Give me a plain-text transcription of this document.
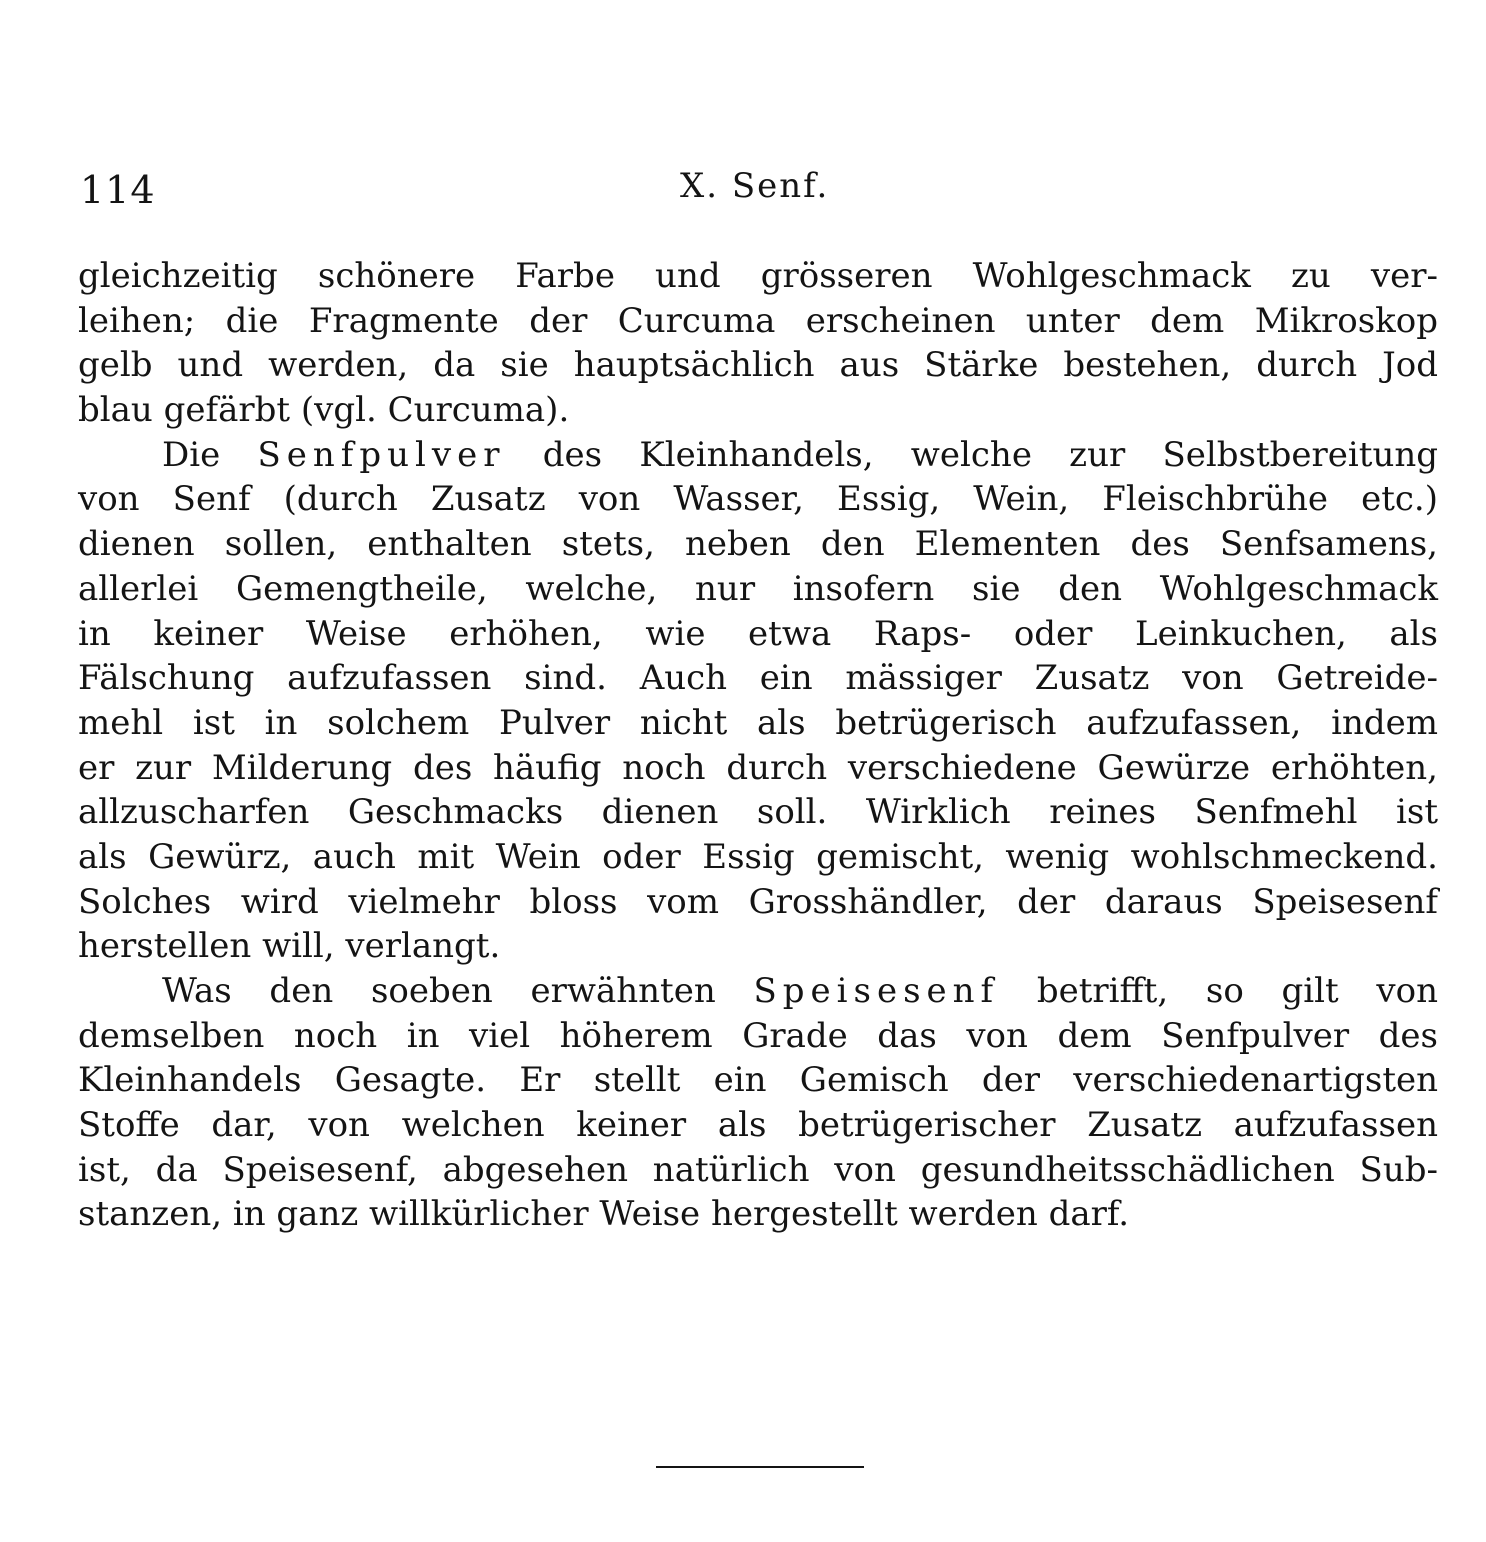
114	X. Senf.
gleichzeitig schönere Farbe und grösseren Wohlgeschmack zu ver-
leihen; die Fragmente der Curcuma erscheinen unter dem Mikroskop
gelb und werden, da sie hauptsächlich aus Stärke bestehen, durch Jod
blau gefärbt (vgl. Curcuma).
Die Senfpulver des Kleinhandels, welche zur Selbstbereitung
von Senf (durch Zusatz von Wasser, Essig, Wein, Fleischbrühe etc.)
dienen sollen, enthalten stets, neben den Elementen des Senfsamens,
allerlei Gemengtheile, welche, nur insofern sie den Wohlgeschmack
in keiner Weise erhöhen, wie etwa Raps- oder Leinkuchen, als
Fälschung aufzufassen sind. Auch ein mässiger Zusatz von Getreide-
mehl ist in solchem Pulver nicht als betrügerisch aufzufassen, indem
er zur Milderung des häufig noch durch verschiedene Gewürze erhöhten,
allzuscharfen Geschmacks dienen soll. Wirklich reines Senfmehl ist
als Gewürz, auch mit Wein oder Essig gemischt, wenig wohlschmeckend.
Solches wird vielmehr bloss vom Grosshändler, der daraus Speisesenf
herstellen will, verlangt.
Was den soeben erwähnten Speisesenf betrifft, so gilt von
demselben noch in viel höherem Grade das von dem Senfpulver des
Kleinhandels Gesagte. Er stellt ein Gemisch der verschiedenartigsten
Stoffe dar, von welchen keiner als betrügerischer Zusatz aufzufassen
ist, da Speisesenf, abgesehen natürlich von gesundheitsschädlichen Sub-
stanzen, in ganz willkürlicher Weise hergestellt werden darf.
